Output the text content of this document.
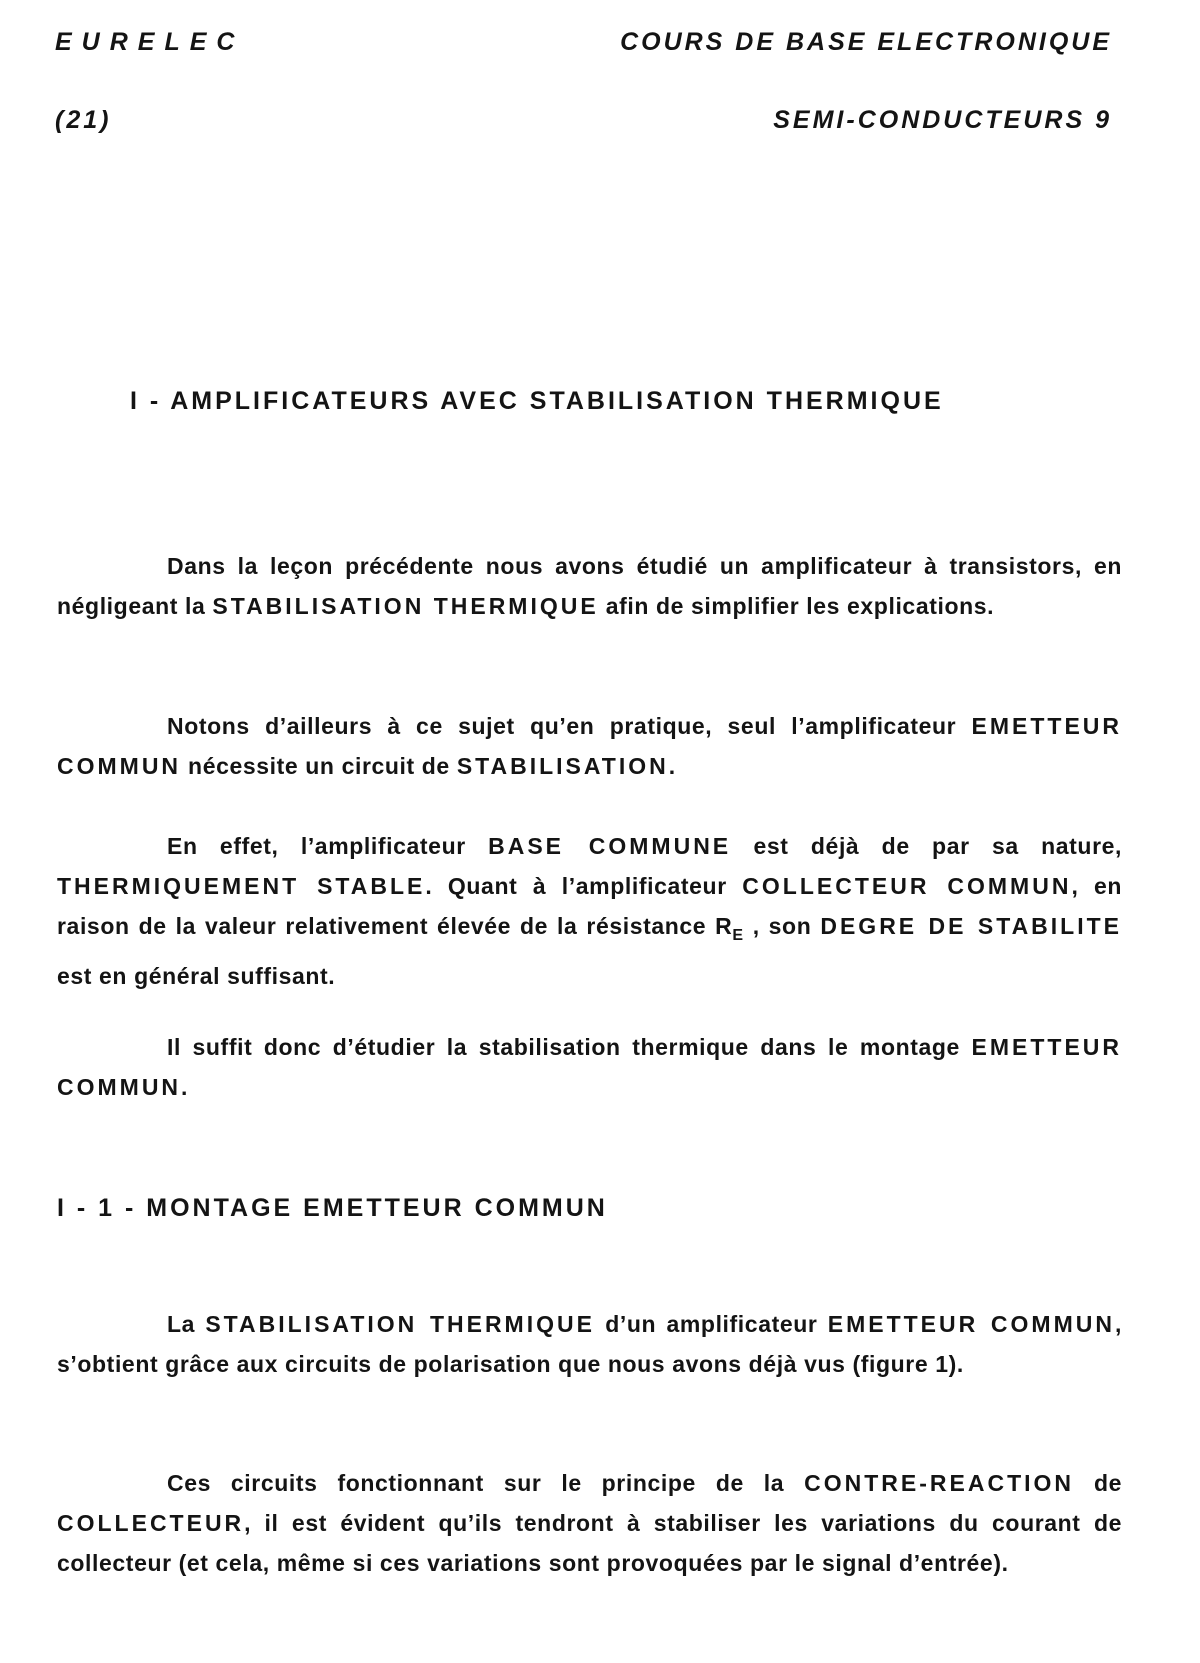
EURELEC	COURS DE BASE ELECTRONIQUE
(21)	SEMI-CONDUCTEURS 9
I - AMPLIFICATEURS AVEC STABILISATION THERMIQUE
Dans la leçon précédente nous avons étudié un amplificateur à transistors, en négligeant la STABILISATION THERMIQUE afin de simplifier les explications.
Notons d’ailleurs à ce sujet qu’en pratique, seul l’amplificateur EMETTEUR COMMUN nécessite un circuit de STABILISATION.
En effet, l’amplificateur BASE COMMUNE est déjà de par sa nature, THERMIQUEMENT STABLE. Quant à l’amplificateur COLLECTEUR COMMUN, en raison de la valeur relativement élevée de la résistance $R_E$ , son DEGRE DE STABILITE est en général suffisant.
Il suffit donc d’étudier la stabilisation thermique dans le montage EMETTEUR COMMUN.
I - 1 - MONTAGE EMETTEUR COMMUN
La STABILISATION THERMIQUE d’un amplificateur EMETTEUR COMMUN, s’obtient grâce aux circuits de polarisation que nous avons déjà vus (figure 1).
Ces circuits fonctionnant sur le principe de la CONTRE-REACTION de COLLECTEUR, il est évident qu’ils tendront à stabiliser les variations du courant de collecteur (et cela, même si ces variations sont provoquées par le signal d’entrée).
